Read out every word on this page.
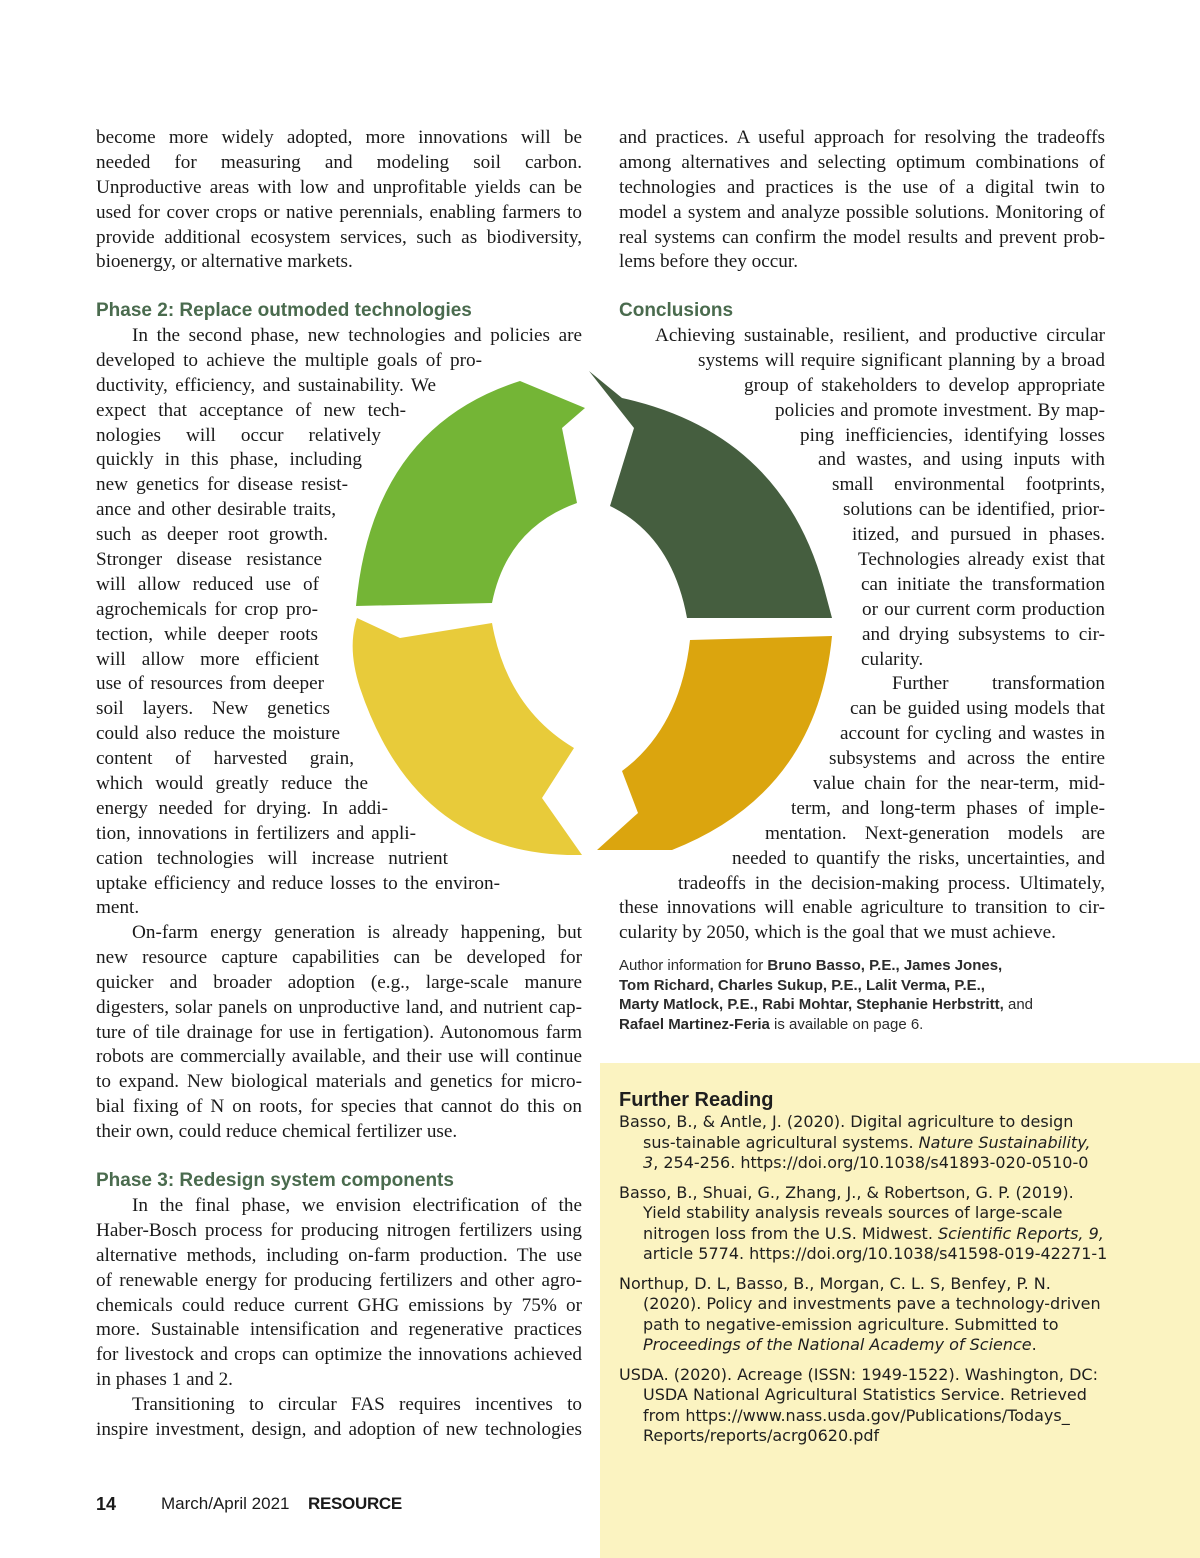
become more widely adopted, more innovations will be
needed for measuring and modeling soil carbon.
Unproductive areas with low and unprofitable yields can be
used for cover crops or native perennials, enabling farmers to
provide additional ecosystem services, such as biodiversity,
bioenergy, or alternative markets.
Phase 2: Replace outmoded technologies
In the second phase, new technologies and policies are
developed to achieve the multiple goals of pro-
ductivity, efficiency, and sustainability. We
expect that acceptance of new tech-
nologies will occur relatively
quickly in this phase, including
new genetics for disease resist-
ance and other desirable traits,
such as deeper root growth.
Stronger disease resistance
will allow reduced use of
agrochemicals for crop pro-
tection, while deeper roots
will allow more efficient
use of resources from deeper
soil layers. New genetics
could also reduce the moisture
content of harvested grain,
which would greatly reduce the
energy needed for drying. In addi-
tion, innovations in fertilizers and appli-
cation technologies will increase nutrient
uptake efficiency and reduce losses to the environ-
ment.
On-farm energy generation is already happening, but
new resource capture capabilities can be developed for
quicker and broader adoption (e.g., large-scale manure
digesters, solar panels on unproductive land, and nutrient cap-
ture of tile drainage for use in fertigation). Autonomous farm
robots are commercially available, and their use will continue
to expand. New biological materials and genetics for micro-
bial fixing of N on roots, for species that cannot do this on
their own, could reduce chemical fertilizer use.
Phase 3: Redesign system components
In the final phase, we envision electrification of the
Haber-Bosch process for producing nitrogen fertilizers using
alternative methods, including on-farm production. The use
of renewable energy for producing fertilizers and other agro-
chemicals could reduce current GHG emissions by 75% or
more. Sustainable intensification and regenerative practices
for livestock and crops can optimize the innovations achieved
in phases 1 and 2.
Transitioning to circular FAS requires incentives to
inspire investment, design, and adoption of new technologies
and practices. A useful approach for resolving the tradeoffs
among alternatives and selecting optimum combinations of
technologies and practices is the use of a digital twin to
model a system and analyze possible solutions. Monitoring of
real systems can confirm the model results and prevent prob-
lems before they occur.
Conclusions
Achieving sustainable, resilient, and productive circular
systems will require significant planning by a broad
group of stakeholders to develop appropriate
policies and promote investment. By map-
ping inefficiencies, identifying losses
and wastes, and using inputs with
small environmental footprints,
solutions can be identified, prior-
itized, and pursued in phases.
Technologies already exist that
can initiate the transformation
or our current corm production
and drying subsystems to cir-
cularity.
Further transformation
can be guided using models that
account for cycling and wastes in
subsystems and across the entire
value chain for the near-term, mid-
term, and long-term phases of imple-
mentation. Next-generation models are
needed to quantify the risks, uncertainties, and
tradeoffs in the decision-making process. Ultimately,
these innovations will enable agriculture to transition to cir-
cularity by 2050, which is the goal that we must achieve.
Author information for Bruno Basso, P.E., James Jones,
Tom Richard, Charles Sukup, P.E., Lalit Verma, P.E.,
Marty Matlock, P.E., Rabi Mohtar, Stephanie Herbstritt, and
Rafael Martinez-Feria is available on page 6.
Further Reading

Basso, B., & Antle, J. (2020). Digital agriculture to design sus-tainable agricultural systems. Nature Sustainability, 3, 254-256. https://doi.org/10.1038/s41893-020-0510-0

Basso, B., Shuai, G., Zhang, J., & Robertson, G. P. (2019). Yield stability analysis reveals sources of large-scale nitrogen loss from the U.S. Midwest. Scientific Reports, 9, article 5774. https://doi.org/10.1038/s41598-019-42271-1

Northup, D. L, Basso, B., Morgan, C. L. S, Benfey, P. N. (2020). Policy and investments pave a technology-driven path to negative-emission agriculture. Submitted to Proceedings of the National Academy of Science.

USDA. (2020). Acreage (ISSN: 1949-1522). Washington, DC: USDA National Agricultural Statistics Service. Retrieved from https://www.nass.usda.gov/Publications/Todays_ Reports/reports/acrg0620.pdf

14	March/April 2021 RESOURCE
